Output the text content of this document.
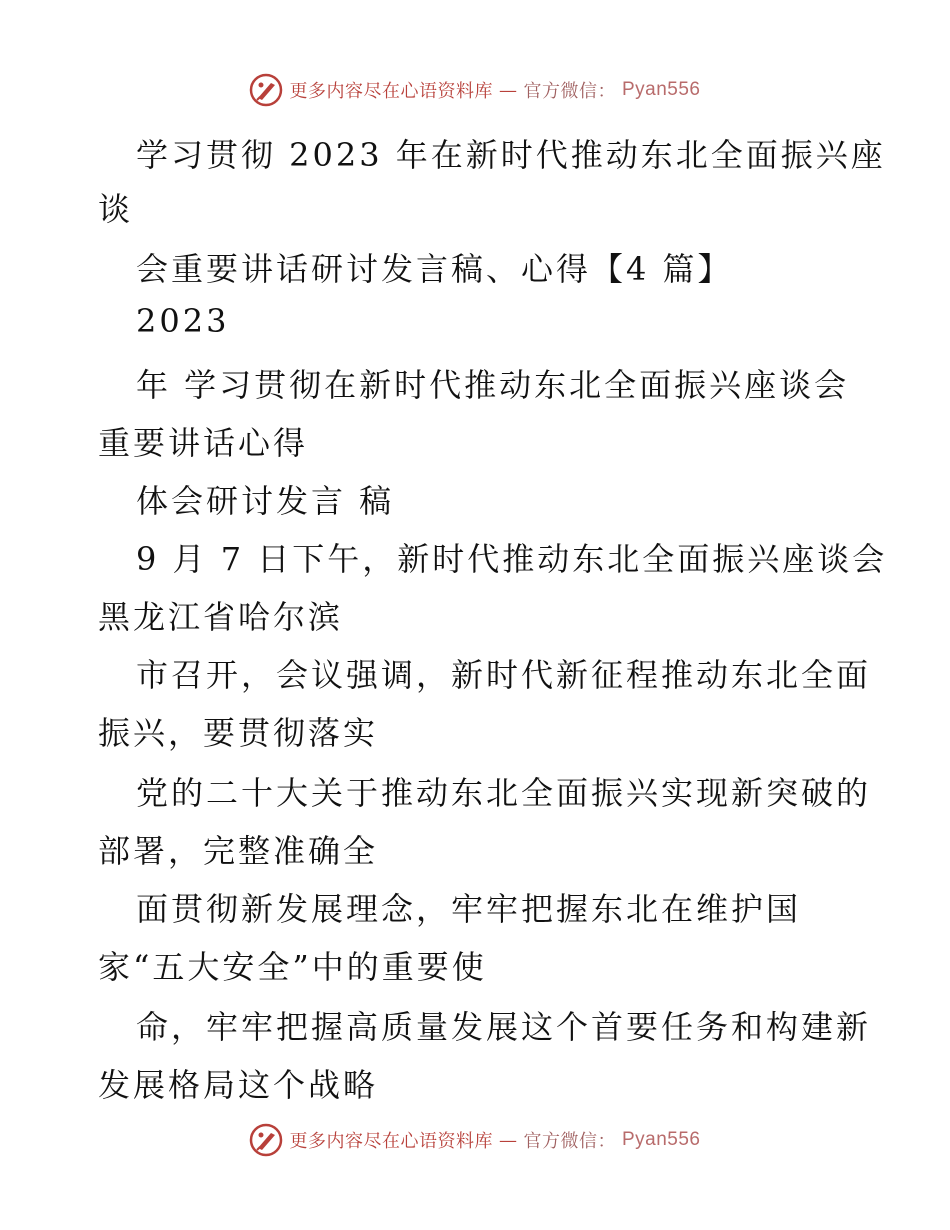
更多内容尽在心语资料库 — 官方微信： Pyan556
学习贯彻 2023 年在新时代推动东北全面振兴座
谈
会重要讲话研讨发言稿、心得【4 篇】
2023
年 学习贯彻在新时代推动东北全面振兴座谈会
重要讲话心得
体会研讨发言 稿
9 月 7 日下午，新时代推动东北全面振兴座谈会
黑龙江省哈尔滨
市召开，会议强调，新时代新征程推动东北全面
振兴，要贯彻落实
党的二十大关于推动东北全面振兴实现新突破的
部署，完整准确全
面贯彻新发展理念，牢牢把握东北在维护国
家“五大安全”中的重要使
命，牢牢把握高质量发展这个首要任务和构建新
发展格局这个战略
更多内容尽在心语资料库 — 官方微信： Pyan556
